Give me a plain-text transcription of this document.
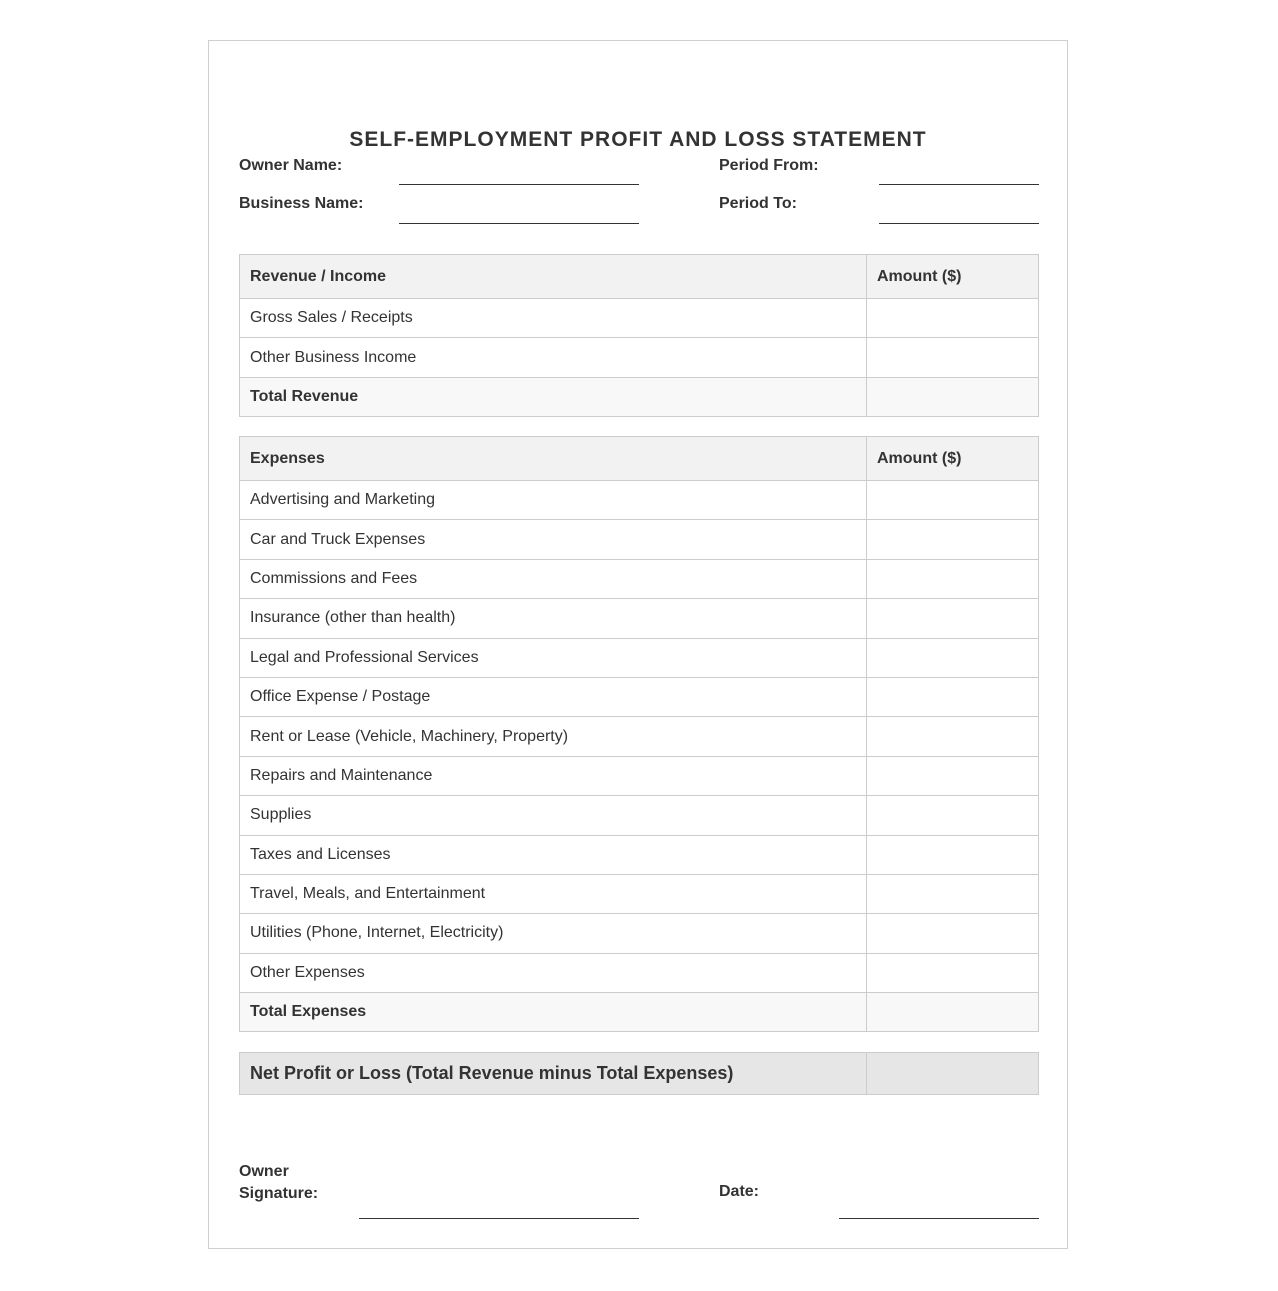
SELF-EMPLOYMENT PROFIT AND LOSS STATEMENT
Owner Name:
Business Name:
Period From:
Period To:
Revenue / Income	Amount ($)
Gross Sales / Receipts	
Other Business Income	
Total Revenue	
Expenses	Amount ($)
Advertising and Marketing	
Car and Truck Expenses	
Commissions and Fees	
Insurance (other than health)	
Legal and Professional Services	
Office Expense / Postage	
Rent or Lease (Vehicle, Machinery, Property)	
Repairs and Maintenance	
Supplies	
Taxes and Licenses	
Travel, Meals, and Entertainment	
Utilities (Phone, Internet, Electricity)	
Other Expenses	
Total Expenses	
Net Profit or Loss (Total Revenue minus Total Expenses)	
Owner
Signature:	Date:
